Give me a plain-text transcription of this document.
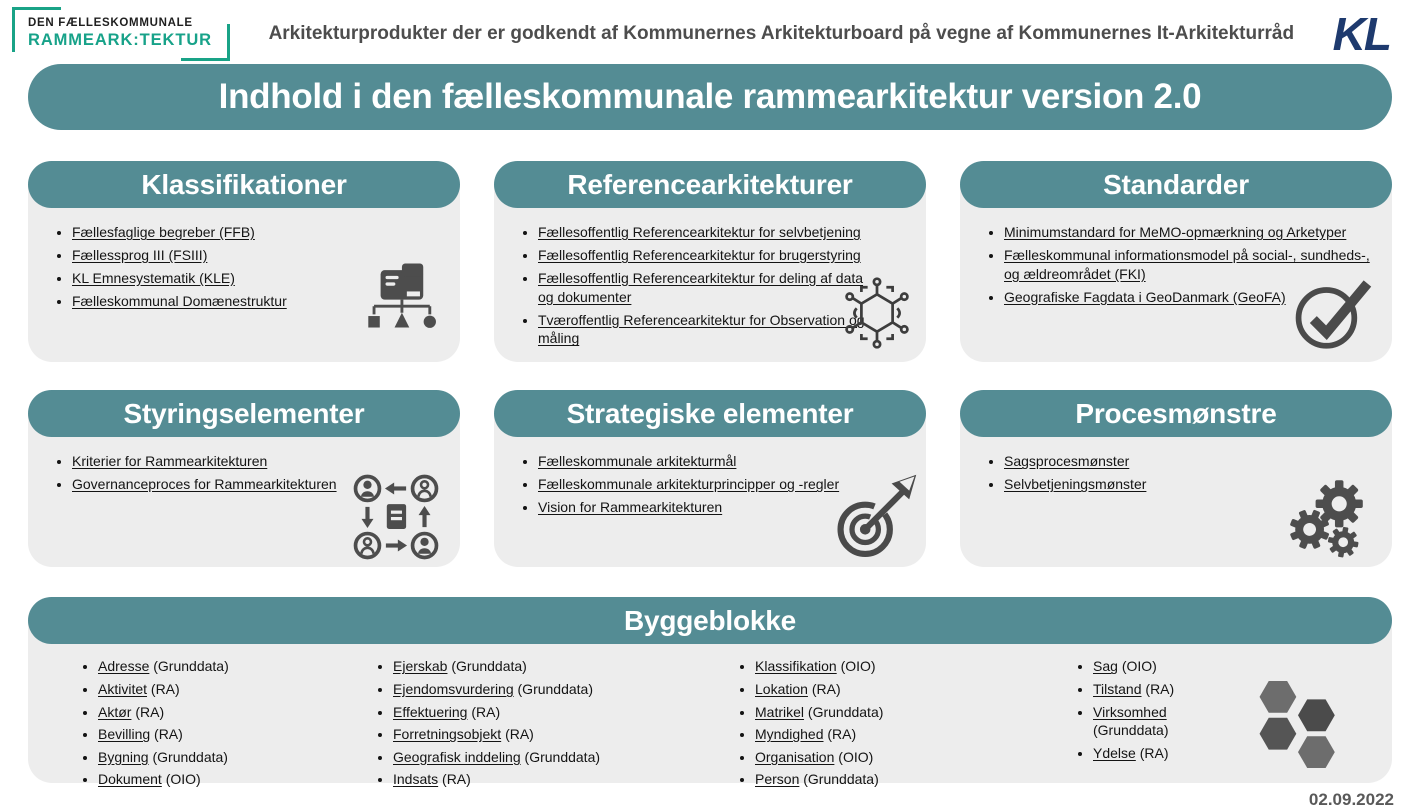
DEN FÆLLESKOMMUNALE
RAMMEARK:TEKTUR	Arkitekturprodukter der er godkendt af Kommunernes Arkitekturboard på vegne af Kommunernes It-Arkitekturråd KL
Indhold i den fælleskommunale rammearkitektur version 2.0
Klassifikationer
• Fællesfaglige begreber (FFB)
• Fællessprog III (FSIII)
• KL Emnesystematik (KLE)
• Fælleskommunal Domænestruktur
Referencearkitekturer
• Fællesoffentlig Referencearkitektur for selvbetjening
• Fællesoffentlig Referencearkitektur for brugerstyring
• Fællesoffentlig Referencearkitektur for deling af data og dokumenter
• Tværoffentlig Referencearkitektur for Observation og måling
Standarder
• Minimumstandard for MeMO-opmærkning og Arketyper
• Fælleskommunal informationsmodel på social-, sundheds-, og ældreområdet (FKI)
• Geografiske Fagdata i GeoDanmark (GeoFA)
Styringselementer
• Kriterier for Rammearkitekturen
• Governanceproces for Rammearkitekturen
Strategiske elementer
• Fælleskommunale arkitekturmål
• Fælleskommunale arkitekturprincipper og -regler
• Vision for Rammearkitekturen
Procesmønstre
• Sagsprocesmønster
• Selvbetjeningsmønster
Byggeblokke
• Adresse (Grunddata)
• Aktivitet (RA)
• Aktør (RA)
• Bevilling (RA)
• Bygning (Grunddata)
• Dokument (OIO)
• Ejerskab (Grunddata)
• Ejendomsvurdering (Grunddata)
• Effektuering (RA)
• Forretningsobjekt (RA)
• Geografisk inddeling (Grunddata)
• Indsats (RA)
• Klassifikation (OIO)
• Lokation (RA)
• Matrikel (Grunddata)
• Myndighed (RA)
• Organisation (OIO)
• Person (Grunddata)
• Sag (OIO)
• Tilstand (RA)
• Virksomhed (Grunddata)
• Ydelse (RA)
02.09.2022
